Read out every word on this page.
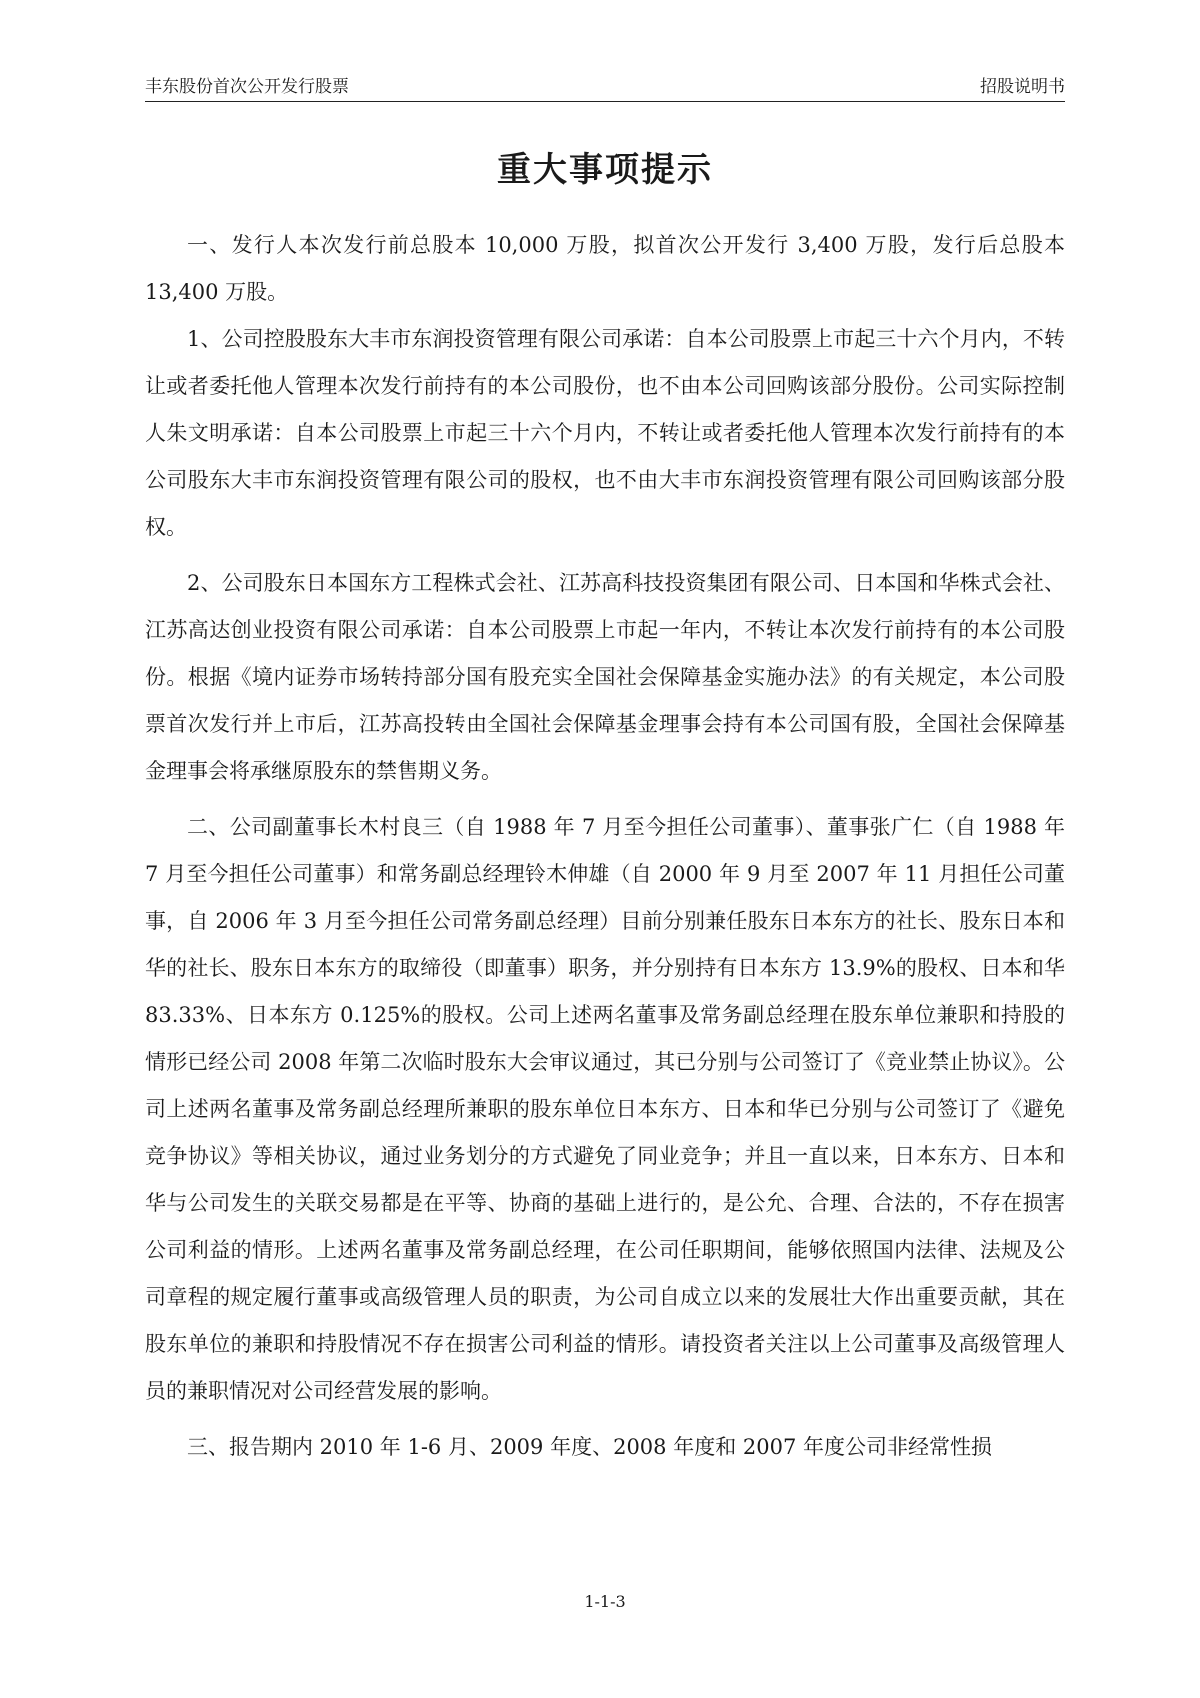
丰东股份首次公开发行股票	招股说明书
重大事项提示

一、发行人本次发行前总股本 10,000 万股，拟首次公开发行 3,400 万股，发行后总股本 13,400 万股。

1、公司控股股东大丰市东润投资管理有限公司承诺：自本公司股票上市起三十六个月内，不转让或者委托他人管理本次发行前持有的本公司股份，也不由本公司回购该部分股份。公司实际控制人朱文明承诺：自本公司股票上市起三十六个月内，不转让或者委托他人管理本次发行前持有的本公司股东大丰市东润投资管理有限公司的股权，也不由大丰市东润投资管理有限公司回购该部分股权。

2、公司股东日本国东方工程株式会社、江苏高科技投资集团有限公司、日本国和华株式会社、江苏高达创业投资有限公司承诺：自本公司股票上市起一年内，不转让本次发行前持有的本公司股份。根据《境内证券市场转持部分国有股充实全国社会保障基金实施办法》的有关规定，本公司股票首次发行并上市后，江苏高投转由全国社会保障基金理事会持有本公司国有股，全国社会保障基金理事会将承继原股东的禁售期义务。

二、公司副董事长木村良三（自 1988 年 7 月至今担任公司董事）、董事张广仁（自 1988 年 7 月至今担任公司董事）和常务副总经理铃木伸雄（自 2000 年 9 月至 2007 年 11 月担任公司董事，自 2006 年 3 月至今担任公司常务副总经理）目前分别兼任股东日本东方的社长、股东日本和华的社长、股东日本东方的取缔役（即董事）职务，并分别持有日本东方 13.9%的股权、日本和华 83.33%、日本东方 0.125%的股权。公司上述两名董事及常务副总经理在股东单位兼职和持股的情形已经公司 2008 年第二次临时股东大会审议通过，其已分别与公司签订了《竞业禁止协议》。公司上述两名董事及常务副总经理所兼职的股东单位日本东方、日本和华已分别与公司签订了《避免竞争协议》等相关协议，通过业务划分的方式避免了同业竞争；并且一直以来，日本东方、日本和华与公司发生的关联交易都是在平等、协商的基础上进行的，是公允、合理、合法的，不存在损害公司利益的情形。上述两名董事及常务副总经理，在公司任职期间，能够依照国内法律、法规及公司章程的规定履行董事或高级管理人员的职责，为公司自成立以来的发展壮大作出重要贡献，其在股东单位的兼职和持股情况不存在损害公司利益的情形。请投资者关注以上公司董事及高级管理人员的兼职情况对公司经营发展的影响。

三、报告期内 2010 年 1-6 月、2009 年度、2008 年度和 2007 年度公司非经常性损

1-1-3
